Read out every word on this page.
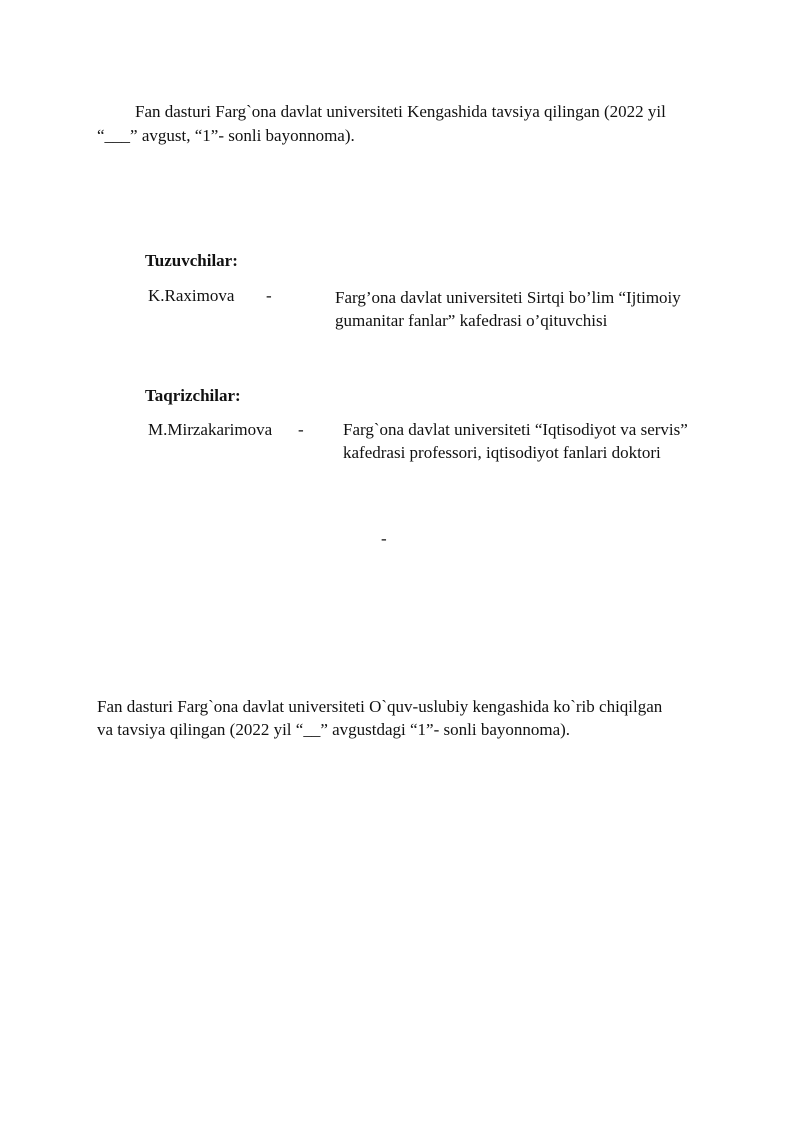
Fan dasturi Farg`ona davlat universiteti Kengashida tavsiya qilingan (2022 yil
“___” avgust, “1”- sonli bayonnoma).
Tuzuvchilar:
K.Raximova -	Farg’ona davlat universiteti Sirtqi bo’lim “Ijtimoiy
gumanitar fanlar” kafedrasi o’qituvchisi
Taqrizchilar:
M.Mirzakarimova - Farg`ona davlat universiteti “Iqtisodiyot va servis”
kafedrasi professori, iqtisodiyot fanlari doktori
-
Fan dasturi Farg`ona davlat universiteti O`quv-uslubiy kengashida ko`rib chiqilgan
va tavsiya qilingan (2022 yil “__” avgustdagi “1”- sonli bayonnoma).
